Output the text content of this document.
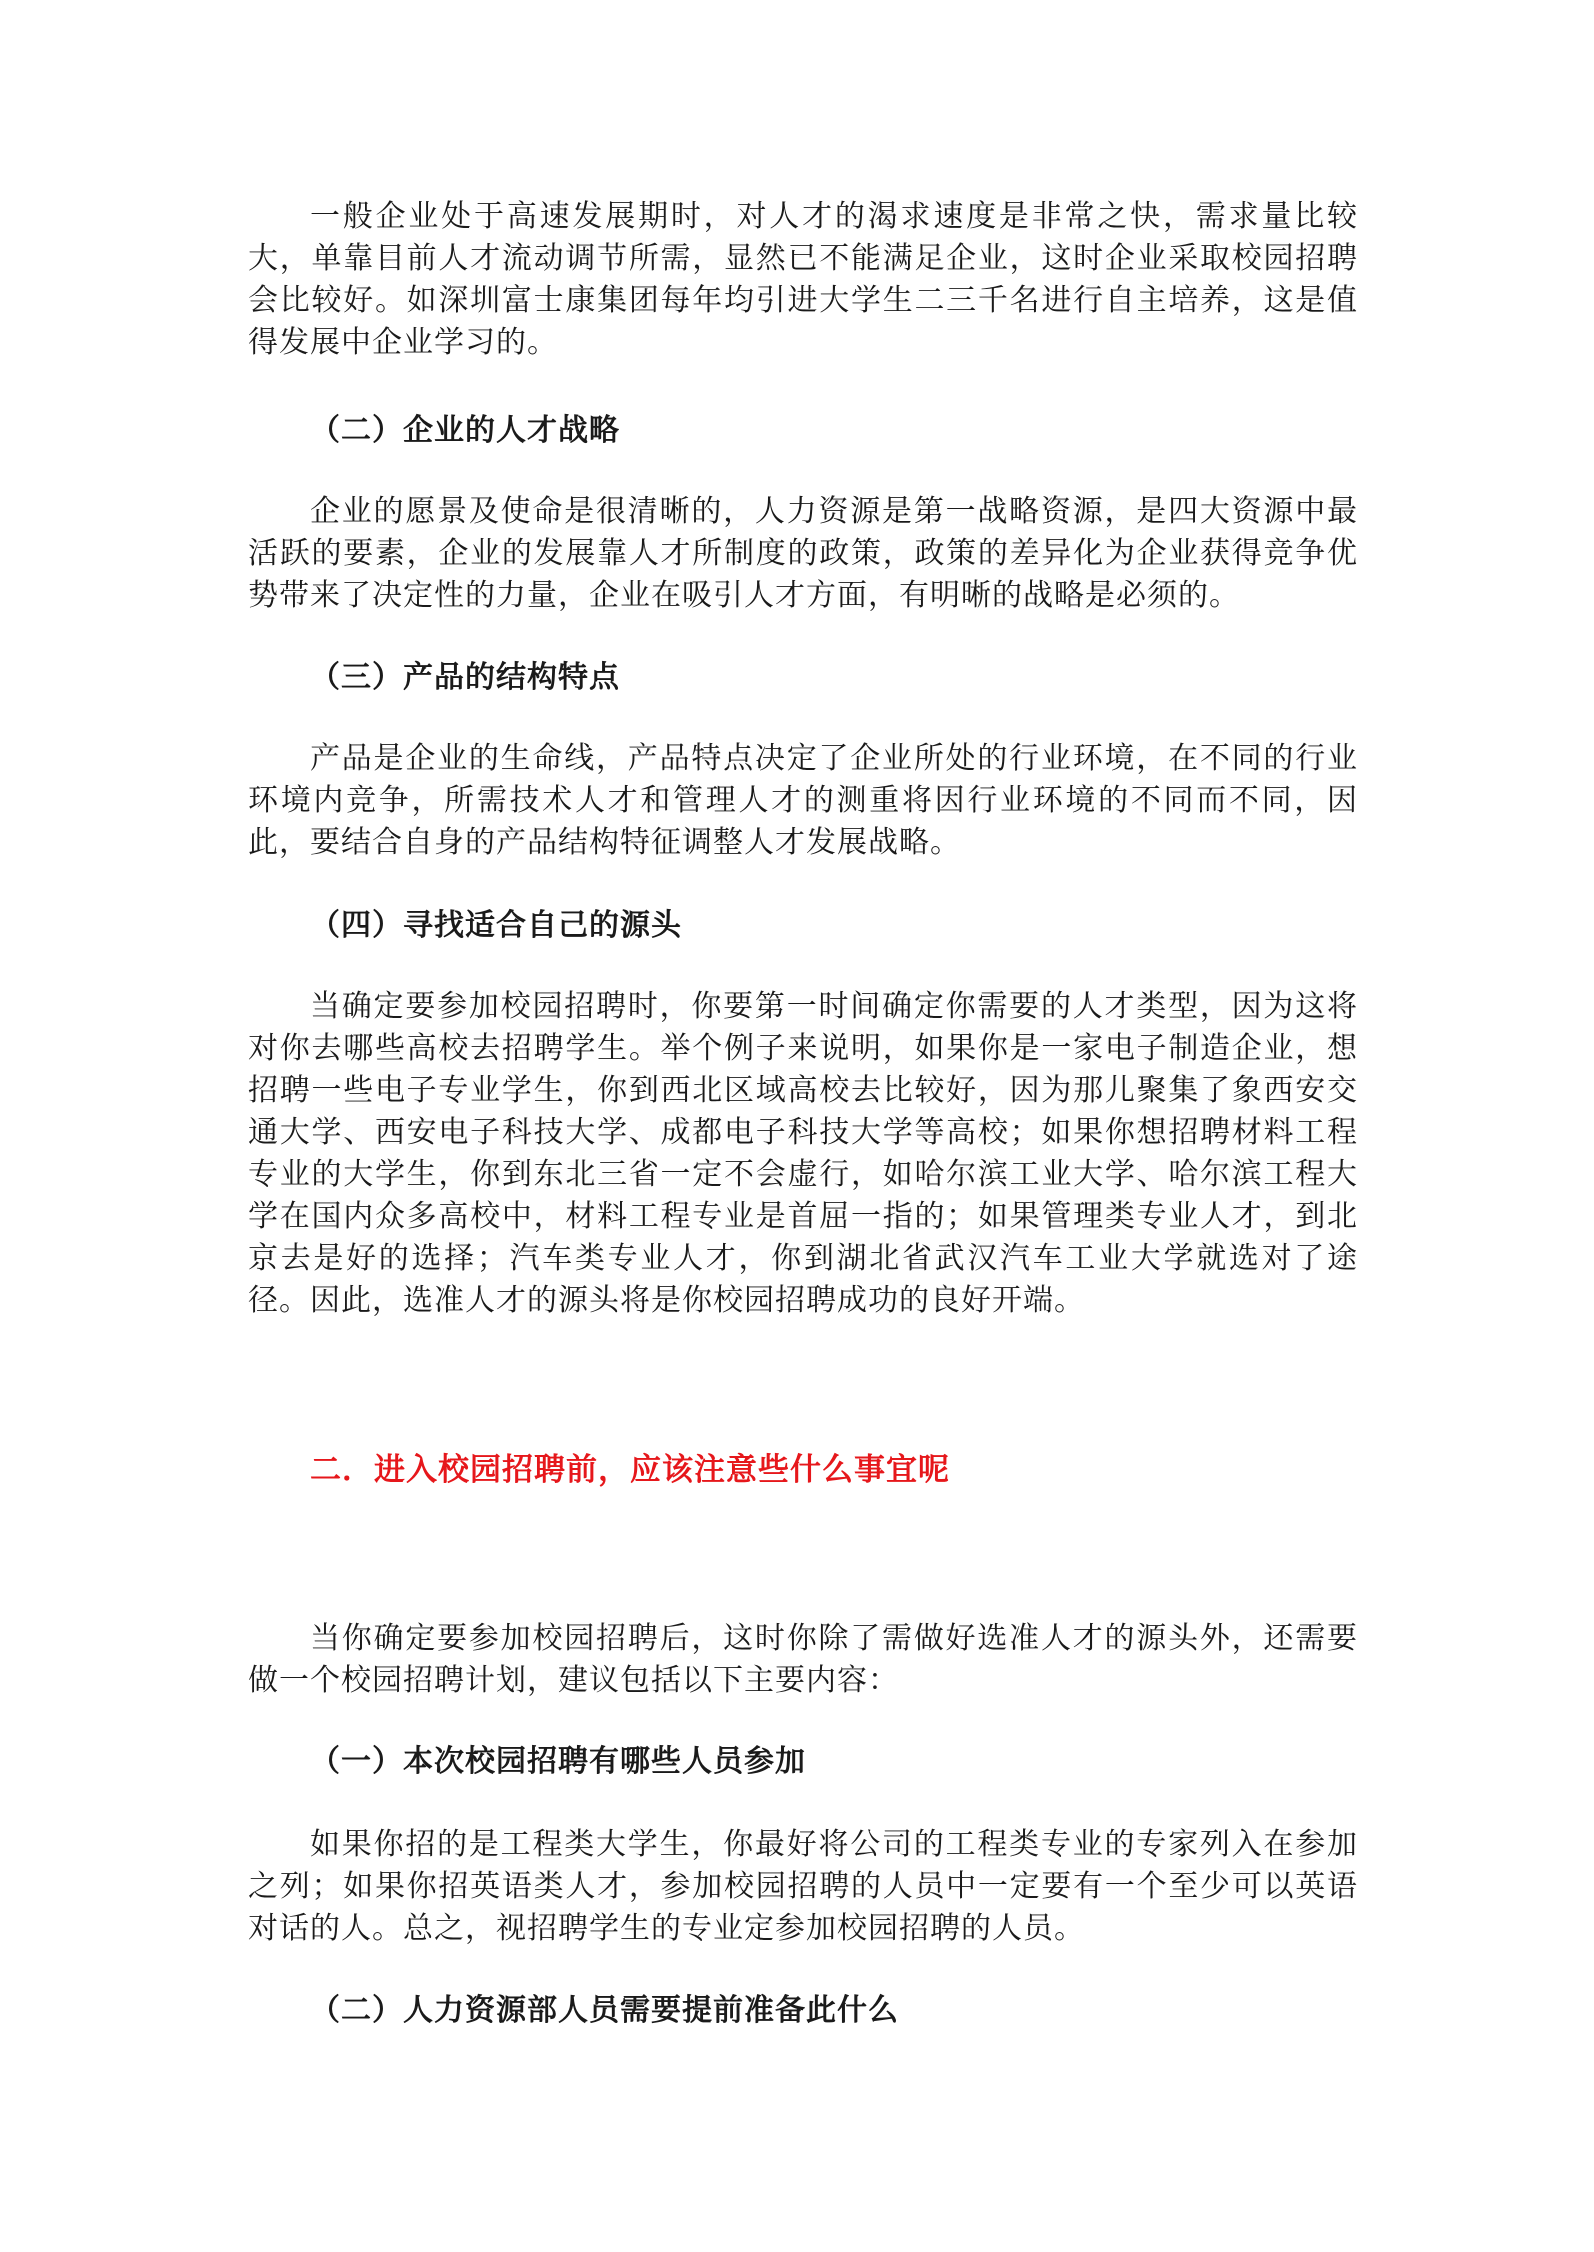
一般企业处于高速发展期时，对人才的渴求速度是非常之快，需求量比较大，单靠目前人才流动调节所需，显然已不能满足企业，这时企业采取校园招聘会比较好。如深圳富士康集团每年均引进大学生二三千名进行自主培养，这是值得发展中企业学习的。

（二）企业的人才战略

企业的愿景及使命是很清晰的，人力资源是第一战略资源，是四大资源中最活跃的要素，企业的发展靠人才所制度的政策，政策的差异化为企业获得竞争优势带来了决定性的力量，企业在吸引人才方面，有明晰的战略是必须的。

（三）产品的结构特点

产品是企业的生命线，产品特点决定了企业所处的行业环境，在不同的行业环境内竞争，所需技术人才和管理人才的测重将因行业环境的不同而不同，因此，要结合自身的产品结构特征调整人才发展战略。

（四）寻找适合自己的源头

当确定要参加校园招聘时，你要第一时间确定你需要的人才类型，因为这将对你去哪些高校去招聘学生。举个例子来说明，如果你是一家电子制造企业，想招聘一些电子专业学生，你到西北区域高校去比较好，因为那儿聚集了象西安交通大学、西安电子科技大学、成都电子科技大学等高校；如果你想招聘材料工程专业的大学生，你到东北三省一定不会虚行，如哈尔滨工业大学、哈尔滨工程大学在国内众多高校中，材料工程专业是首屈一指的；如果管理类专业人才，到北京去是好的选择；汽车类专业人才，你到湖北省武汉汽车工业大学就选对了途径。因此，选准人才的源头将是你校园招聘成功的良好开端。

二．进入校园招聘前，应该注意些什么事宜呢

当你确定要参加校园招聘后，这时你除了需做好选准人才的源头外，还需要做一个校园招聘计划，建议包括以下主要内容：

（一）本次校园招聘有哪些人员参加

如果你招的是工程类大学生，你最好将公司的工程类专业的专家列入在参加之列；如果你招英语类人才，参加校园招聘的人员中一定要有一个至少可以英语对话的人。总之，视招聘学生的专业定参加校园招聘的人员。

（二）人力资源部人员需要提前准备此什么
